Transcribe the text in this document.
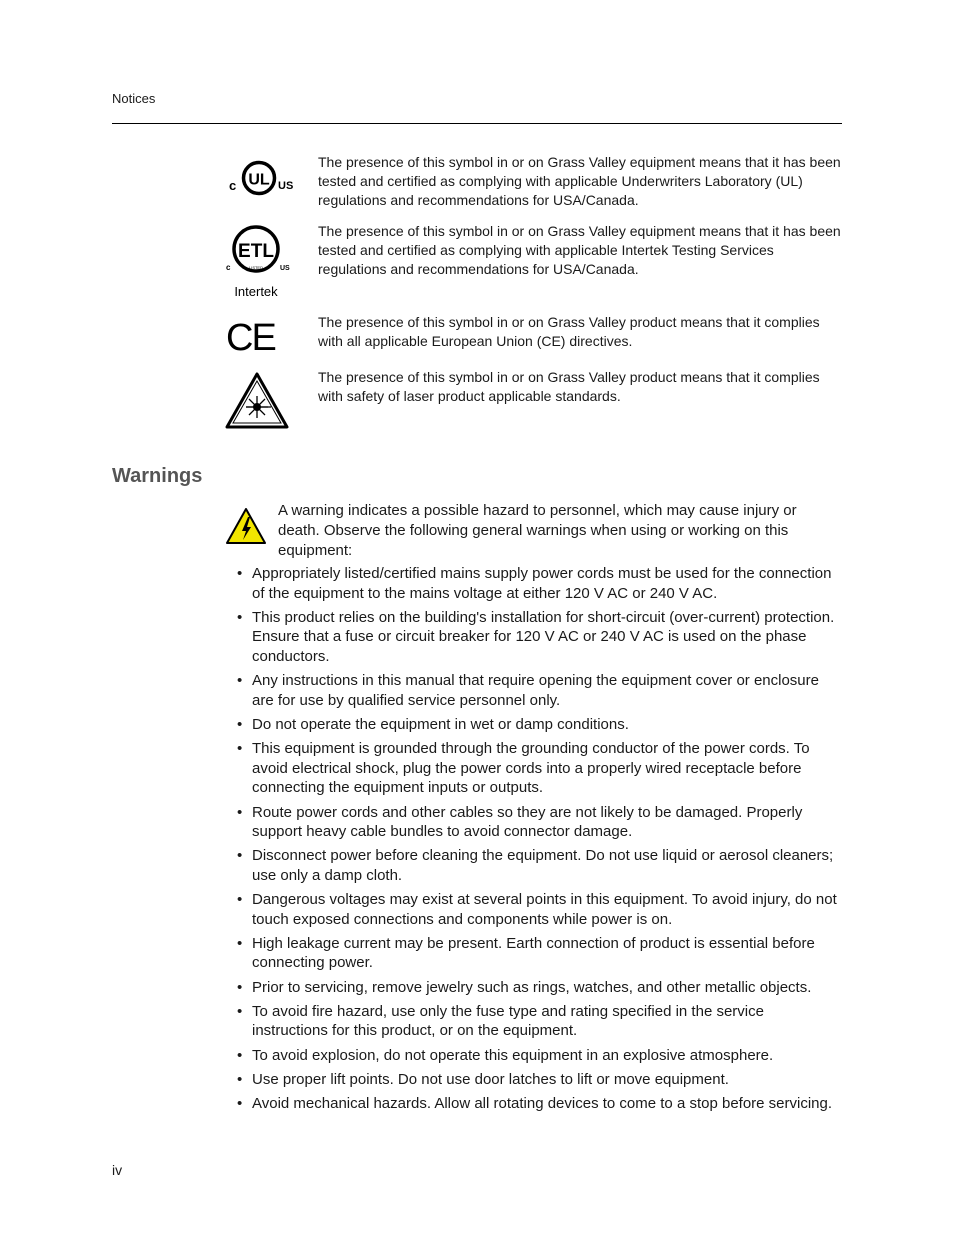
Notices
UL
c	US
The presence of this symbol in or on Grass Valley equipment means that it has been tested and certified as complying with applicable Underwriters Laboratory (UL) regulations and recommendations for USA/Canada.
ETL
c	US
LISTED
Intertek
The presence of this symbol in or on Grass Valley equipment means that it has been tested and certified as complying with applicable Intertek Testing Services regulations and recommendations for USA/Canada.
CE	The presence of this symbol in or on Grass Valley product means that it complies with all applicable European Union (CE) directives.
The presence of this symbol in or on Grass Valley product means that it complies with safety of laser product applicable standards.
Warnings
A warning indicates a possible hazard to personnel, which may cause injury or death. Observe the following general warnings when using or working on this equipment:
• Appropriately listed/certified mains supply power cords must be used for the connection of the equipment to the mains voltage at either 120 V AC or 240 V AC.
• This product relies on the building's installation for short-circuit (over-current) protection. Ensure that a fuse or circuit breaker for 120 V AC or 240 V AC is used on the phase conductors.
• Any instructions in this manual that require opening the equipment cover or enclosure are for use by qualified service personnel only.
• Do not operate the equipment in wet or damp conditions.
• This equipment is grounded through the grounding conductor of the power cords. To avoid electrical shock, plug the power cords into a properly wired receptacle before connecting the equipment inputs or outputs.
• Route power cords and other cables so they are not likely to be damaged. Properly support heavy cable bundles to avoid connector damage.
• Disconnect power before cleaning the equipment. Do not use liquid or aerosol cleaners; use only a damp cloth.
• Dangerous voltages may exist at several points in this equipment. To avoid injury, do not touch exposed connections and components while power is on.
• High leakage current may be present. Earth connection of product is essential before connecting power.
• Prior to servicing, remove jewelry such as rings, watches, and other metallic objects.
• To avoid fire hazard, use only the fuse type and rating specified in the service instructions for this product, or on the equipment.
• To avoid explosion, do not operate this equipment in an explosive atmosphere.
• Use proper lift points. Do not use door latches to lift or move equipment.
• Avoid mechanical hazards. Allow all rotating devices to come to a stop before servicing.
iv
